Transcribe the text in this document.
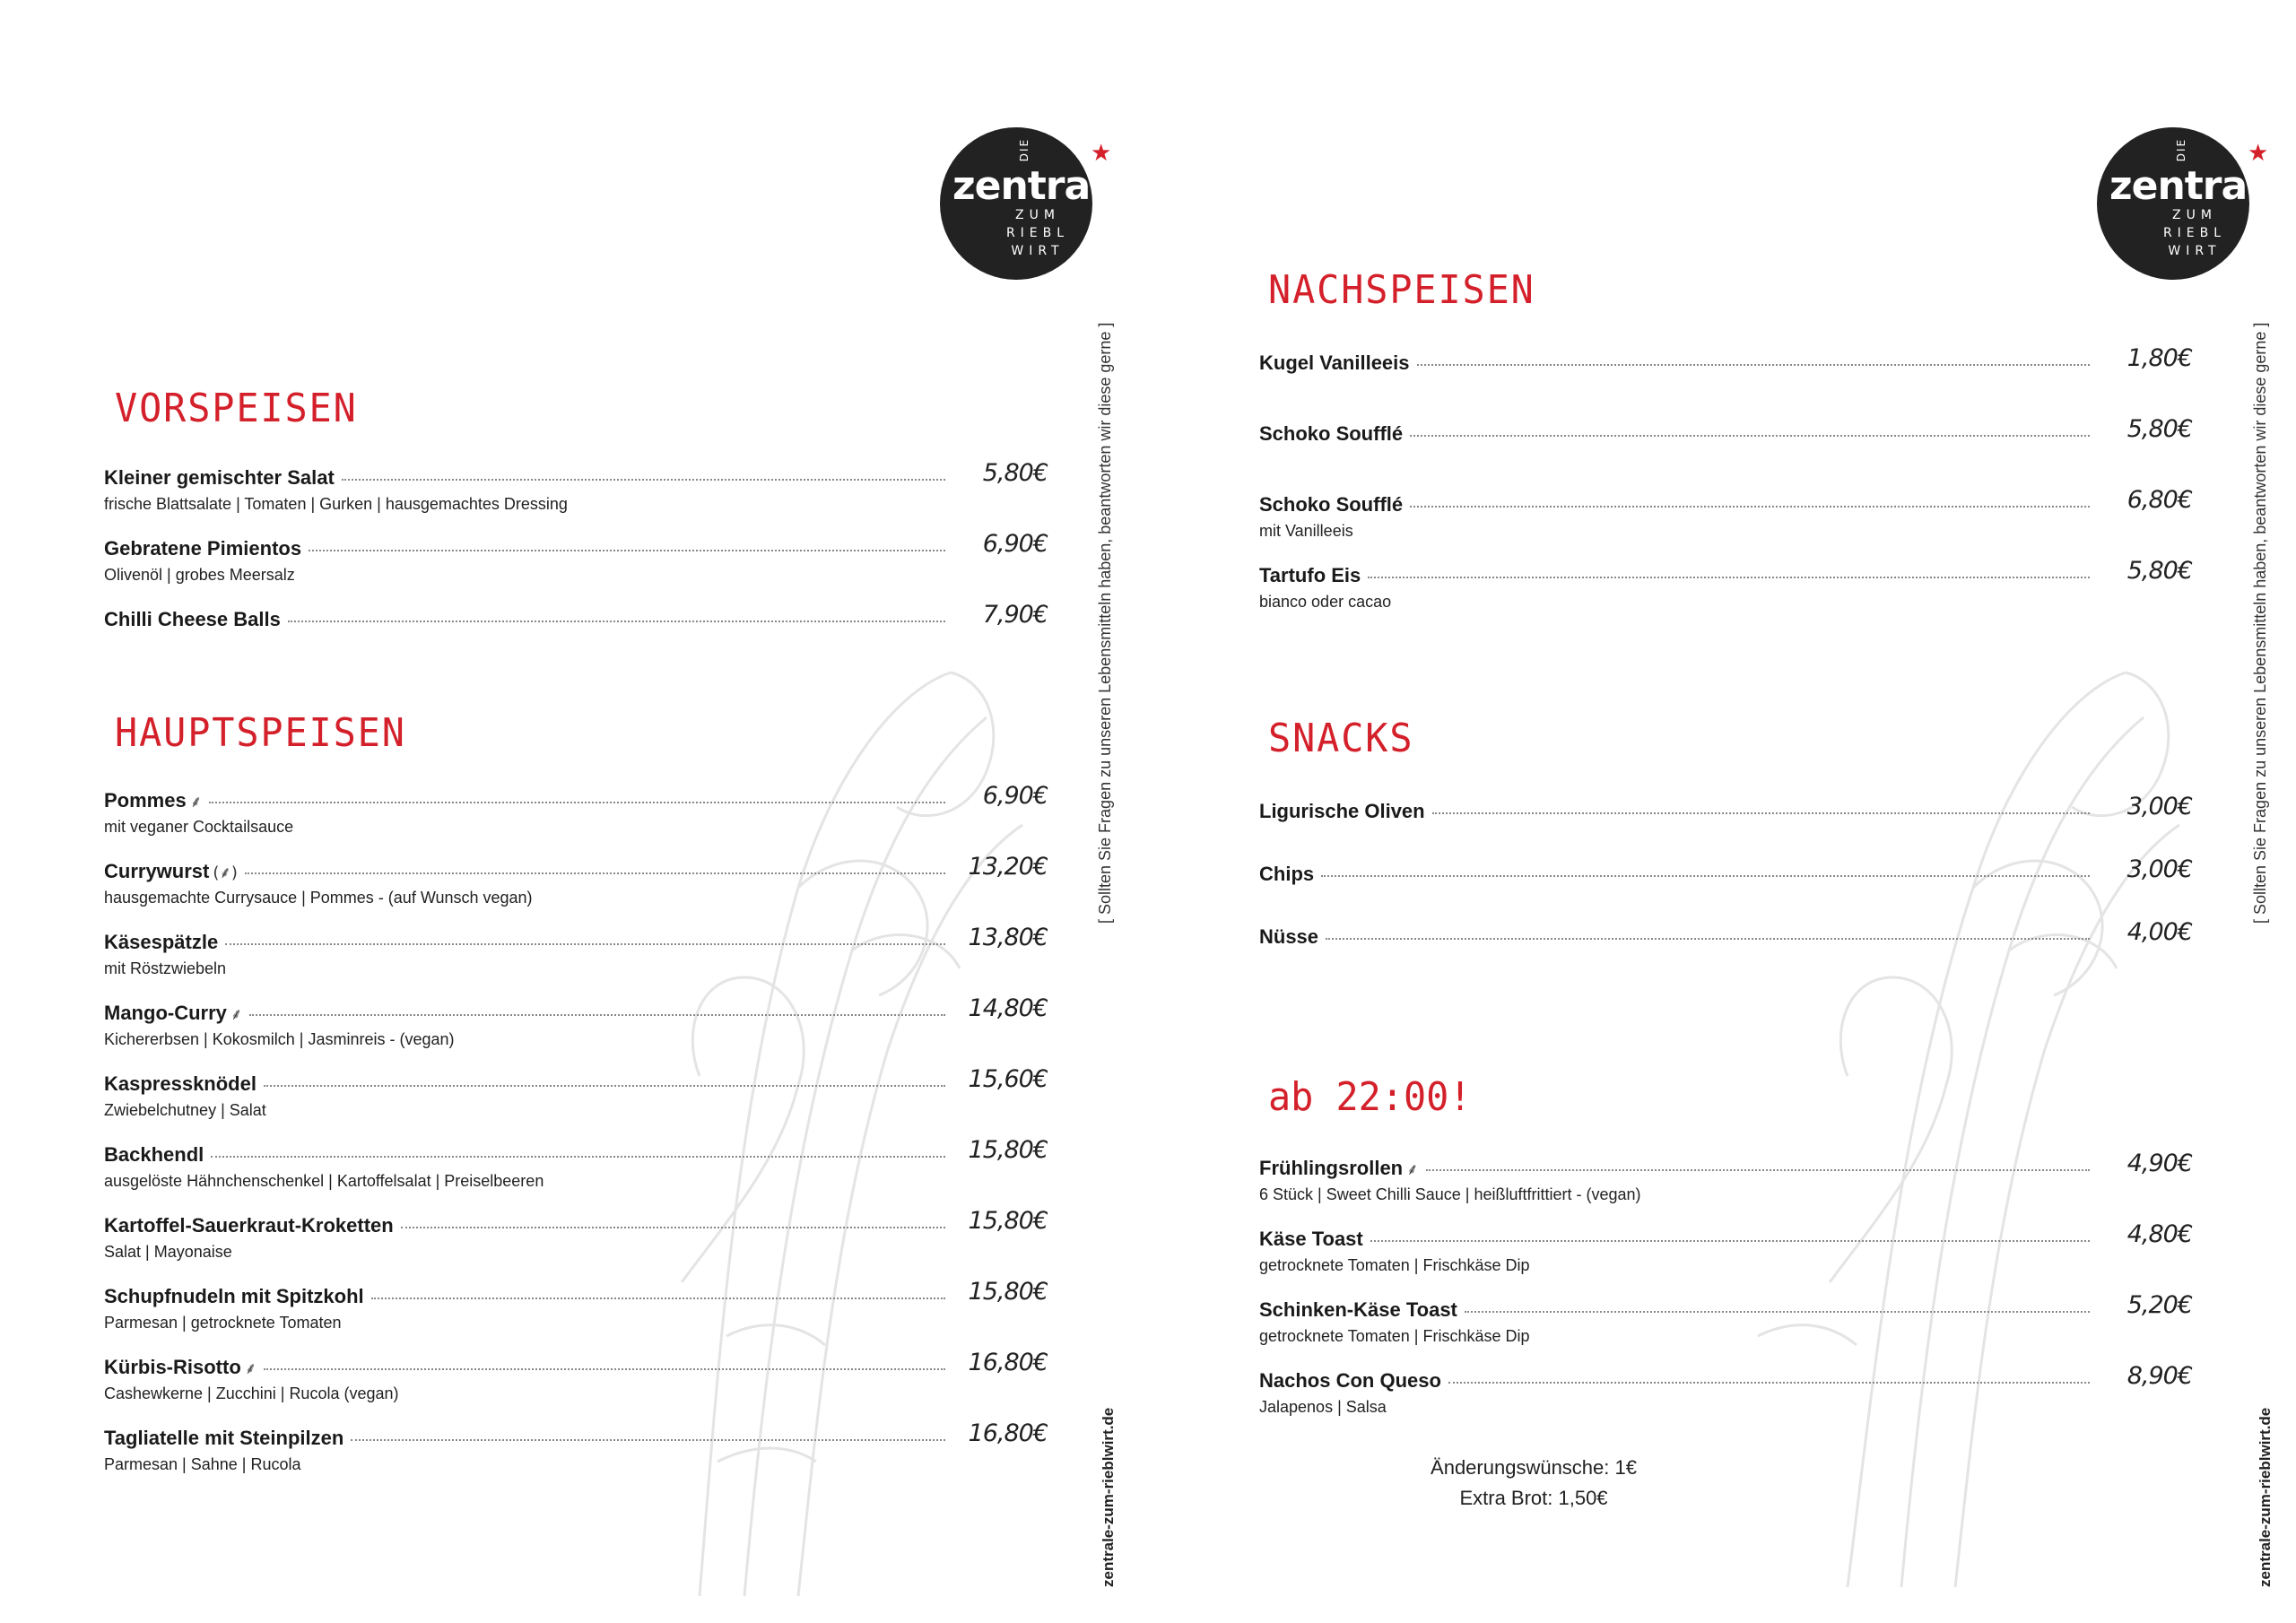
DIE
zentrale
ZUM RIEBL WIRT
★
[ Sollten Sie Fragen zu unseren Lebensmitteln haben, beantworten wir diese gerne ]
zentrale-zum-rieblwirt.de
VORSPEISEN
Kleiner gemischter Salat	5,80€
frische Blattsalate | Tomaten | Gurken | hausgemachtes Dressing
Gebratene Pimientos	6,90€
Olivenöl | grobes Meersalz
Chilli Cheese Balls	7,90€
HAUPTSPEISEN
Pommes ⸙	6,90€
mit veganer Cocktailsauce
Currywurst (⸙)	13,20€
hausgemachte Currysauce | Pommes - (auf Wunsch vegan)
Käsespätzle	13,80€
mit Röstzwiebeln
Mango-Curry ⸙	14,80€
Kichererbsen | Kokosmilch | Jasminreis - (vegan)
Kaspressknödel	15,60€
Zwiebelchutney | Salat
Backhendl	15,80€
ausgelöste Hähnchenschenkel | Kartoffelsalat | Preiselbeeren
Kartoffel-Sauerkraut-Kroketten	15,80€
Salat | Mayonaise
Schupfnudeln mit Spitzkohl	15,80€
Parmesan | getrocknete Tomaten
Kürbis-Risotto ⸙	16,80€
Cashewkerne | Zucchini | Rucola (vegan)
Tagliatelle mit Steinpilzen	16,80€
Parmesan | Sahne | Rucola
DIE
zentrale
ZUM RIEBL WIRT
★
[ Sollten Sie Fragen zu unseren Lebensmitteln haben, beantworten wir diese gerne ]
zentrale-zum-rieblwirt.de
NACHSPEISEN
Kugel Vanilleeis	1,80€
Schoko Soufflé	5,80€
Schoko Soufflé	6,80€
mit Vanilleeis
Tartufo Eis	5,80€
bianco oder cacao
SNACKS
Ligurische Oliven	3,00€
Chips	3,00€
Nüsse	4,00€
ab 22:00!
Frühlingsrollen ⸙	4,90€
6 Stück | Sweet Chilli Sauce | heißluftfrittiert - (vegan)
Käse Toast	4,80€
getrocknete Tomaten | Frischkäse Dip
Schinken-Käse Toast	5,20€
getrocknete Tomaten | Frischkäse Dip
Nachos Con Queso	8,90€
Jalapenos | Salsa
Änderungswünsche: 1€
Extra Brot: 1,50€
